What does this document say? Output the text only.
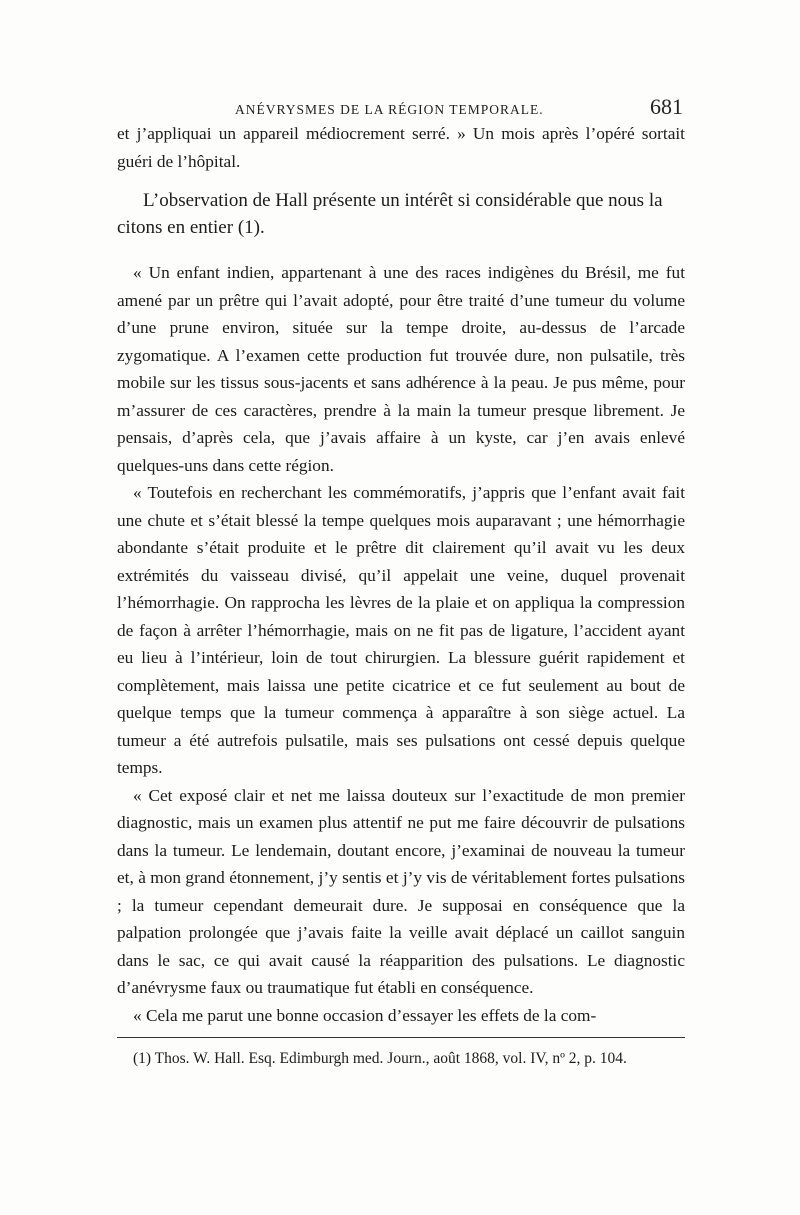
ANÉVRYSMES DE LA RÉGION TEMPORALE.	681

et j’appliquai un appareil médiocrement serré. » Un mois après l’opéré sortait guéri de l’hôpital.

L’observation de Hall présente un intérêt si considérable que nous la citons en entier (1).

« Un enfant indien, appartenant à une des races indigènes du Brésil, me fut amené par un prêtre qui l’avait adopté, pour être traité d’une tumeur du volume d’une prune environ, située sur la tempe droite, au-dessus de l’arcade zygomatique. A l’examen cette production fut trouvée dure, non pulsatile, très mobile sur les tissus sous-jacents et sans adhérence à la peau. Je pus même, pour m’assurer de ces caractères, prendre à la main la tumeur presque librement. Je pensais, d’après cela, que j’avais affaire à un kyste, car j’en avais enlevé quelques-uns dans cette région.

« Toutefois en recherchant les commémoratifs, j’appris que l’enfant avait fait une chute et s’était blessé la tempe quelques mois auparavant ; une hémorrhagie abondante s’était produite et le prêtre dit clairement qu’il avait vu les deux extrémités du vaisseau divisé, qu’il appelait une veine, duquel provenait l’hémorrhagie. On rapprocha les lèvres de la plaie et on appliqua la compression de façon à arrêter l’hémorrhagie, mais on ne fit pas de ligature, l’accident ayant eu lieu à l’intérieur, loin de tout chirurgien. La blessure guérit rapidement et complètement, mais laissa une petite cicatrice et ce fut seulement au bout de quelque temps que la tumeur commença à apparaître à son siège actuel. La tumeur a été autrefois pulsatile, mais ses pulsations ont cessé depuis quelque temps.

« Cet exposé clair et net me laissa douteux sur l’exactitude de mon premier diagnostic, mais un examen plus attentif ne put me faire découvrir de pulsations dans la tumeur. Le lendemain, doutant encore, j’examinai de nouveau la tumeur et, à mon grand étonnement, j’y sentis et j’y vis de véritablement fortes pulsations ; la tumeur cependant demeurait dure. Je supposai en conséquence que la palpation prolongée que j’avais faite la veille avait déplacé un caillot sanguin dans le sac, ce qui avait causé la réapparition des pulsations. Le diagnostic d’anévrysme faux ou traumatique fut établi en conséquence.

« Cela me parut une bonne occasion d’essayer les effets de la com-

(1) Thos. W. Hall. Esq. Edimburgh med. Journ., août 1868, vol. IV, nº 2, p. 104.
